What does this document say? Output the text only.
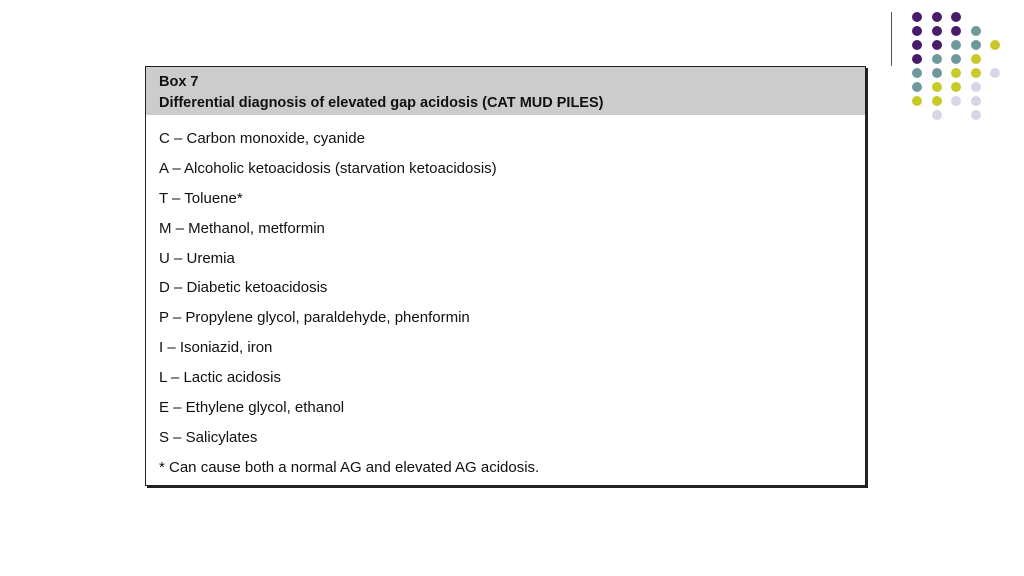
Box 7
Differential diagnosis of elevated gap acidosis (CAT MUD PILES)
C – Carbon monoxide, cyanide
A – Alcoholic ketoacidosis (starvation ketoacidosis)
T – Toluene*
M – Methanol, metformin
U – Uremia
D – Diabetic ketoacidosis
P – Propylene glycol, paraldehyde, phenformin
I – Isoniazid, iron
L – Lactic acidosis
E – Ethylene glycol, ethanol
S – Salicylates
* Can cause both a normal AG and elevated AG acidosis.
